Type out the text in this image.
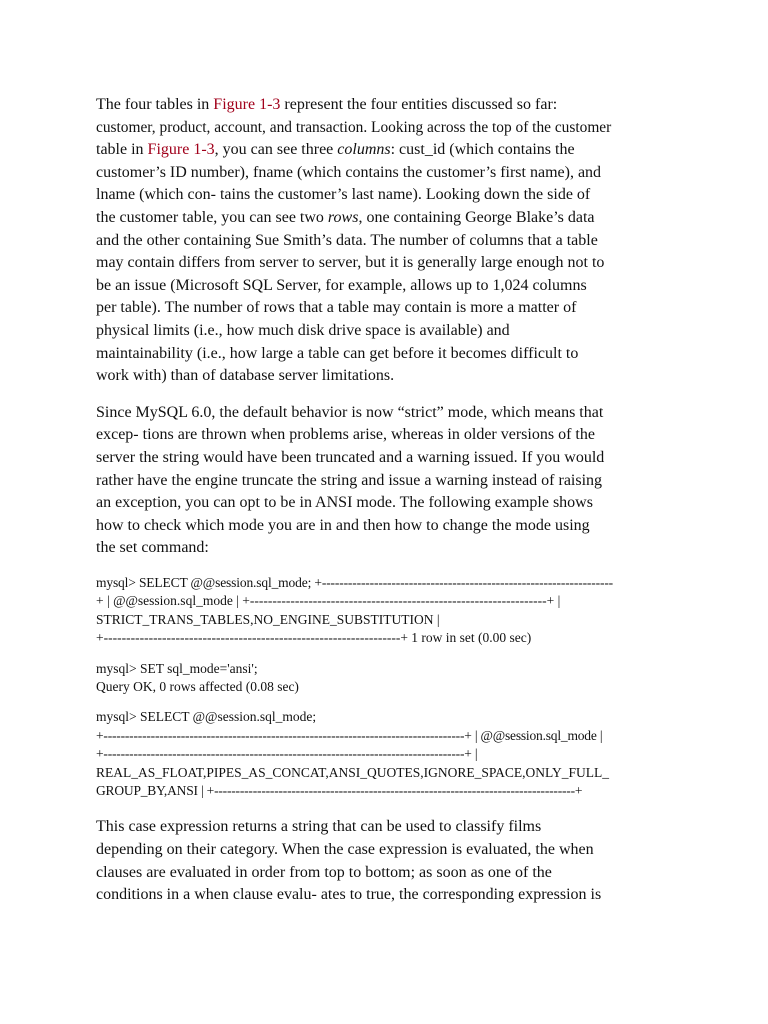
The four tables in Figure 1-3 represent the four entities discussed so far:
customer, product, account, and transaction. Looking across the top of the customer
table in Figure 1-3, you can see three columns: cust_id (which contains the
customer’s ID number), fname (which contains the customer’s first name), and
lname (which con- tains the customer’s last name). Looking down the side of
the customer table, you can see two rows, one containing George Blake’s data
and the other containing Sue Smith’s data. The number of columns that a table
may contain differs from server to server, but it is generally large enough not to
be an issue (Microsoft SQL Server, for example, allows up to 1,024 columns
per table). The number of rows that a table may contain is more a matter of
physical limits (i.e., how much disk drive space is available) and
maintainability (i.e., how large a table can get before it becomes difficult to
work with) than of database server limitations.

Since MySQL 6.0, the default behavior is now “strict” mode, which means that
excep- tions are thrown when problems arise, whereas in older versions of the
server the string would have been truncated and a warning issued. If you would
rather have the engine truncate the string and issue a warning instead of raising
an exception, you can opt to be in ANSI mode. The following example shows
how to check which mode you are in and then how to change the mode using
the set command:

mysql> SELECT @@session.sql_mode; +-------------------------------------------------------------------
+ | @@session.sql_mode | +------------------------------------------------------------------+ |
STRICT_TRANS_TABLES,NO_ENGINE_SUBSTITUTION |
+------------------------------------------------------------------+ 1 row in set (0.00 sec)
mysql> SET sql_mode='ansi';
Query OK, 0 rows affected (0.08 sec)
mysql> SELECT @@session.sql_mode;
+------------------------------------------------------------------------------------+ | @@session.sql_mode |
+------------------------------------------------------------------------------------+ |
REAL_AS_FLOAT,PIPES_AS_CONCAT,ANSI_QUOTES,IGNORE_SPACE,ONLY_FULL_
GROUP_BY,ANSI | +------------------------------------------------------------------------------------+

This case expression returns a string that can be used to classify films
depending on their category. When the case expression is evaluated, the when
clauses are evaluated in order from top to bottom; as soon as one of the
conditions in a when clause evalu- ates to true, the corresponding expression is
